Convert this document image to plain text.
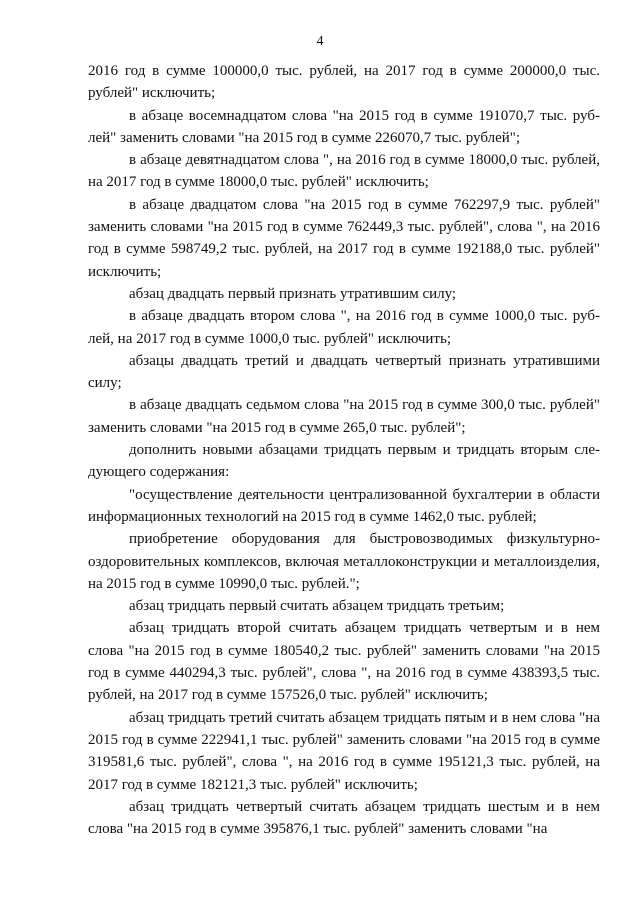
4

2016 год в сумме 100000,0 тыс. рублей, на 2017 год в сумме 200000,0 тыс. рублей" исключить;

в абзаце восемнадцатом слова "на 2015 год в сумме 191070,7 тыс. рублей" заменить словами "на 2015 год в сумме 226070,7 тыс. рублей";

в абзаце девятнадцатом слова ", на 2016 год в сумме 18000,0 тыс. рублей, на 2017 год в сумме 18000,0 тыс. рублей" исключить;

в абзаце двадцатом слова "на 2015 год в сумме 762297,9 тыс. рублей" заменить словами "на 2015 год в сумме 762449,3 тыс. рублей", слова ", на 2016 год в сумме 598749,2 тыс. рублей, на 2017 год в сумме 192188,0 тыс. рублей" исключить;

абзац двадцать первый признать утратившим силу;

в абзаце двадцать втором слова ", на 2016 год в сумме 1000,0 тыс. рублей, на 2017 год в сумме 1000,0 тыс. рублей" исключить;

абзацы двадцать третий и двадцать четвертый признать утратившими силу;

в абзаце двадцать седьмом слова "на 2015 год в сумме 300,0 тыс. рублей" заменить словами "на 2015 год в сумме 265,0 тыс. рублей";

дополнить новыми абзацами тридцать первым и тридцать вторым следующего содержания:

"осуществление деятельности централизованной бухгалтерии в области информационных технологий на 2015 год в сумме 1462,0 тыс. рублей;

приобретение оборудования для быстровозводимых физкультурно-оздоровительных комплексов, включая металлоконструкции и металлоизделия, на 2015 год в сумме 10990,0 тыс. рублей.";

абзац тридцать первый считать абзацем тридцать третьим;

абзац тридцать второй считать абзацем тридцать четвертым и в нем слова "на 2015 год в сумме 180540,2 тыс. рублей" заменить словами "на 2015 год в сумме 440294,3 тыс. рублей", слова ", на 2016 год в сумме 438393,5 тыс. рублей, на 2017 год в сумме 157526,0 тыс. рублей" исключить;

абзац тридцать третий считать абзацем тридцать пятым и в нем слова "на 2015 год в сумме 222941,1 тыс. рублей" заменить словами "на 2015 год в сумме 319581,6 тыс. рублей", слова ", на 2016 год в сумме 195121,3 тыс. рублей, на 2017 год в сумме 182121,3 тыс. рублей" исключить;

абзац тридцать четвертый считать абзацем тридцать шестым и в нем слова "на 2015 год в сумме 395876,1 тыс. рублей" заменить словами "на
